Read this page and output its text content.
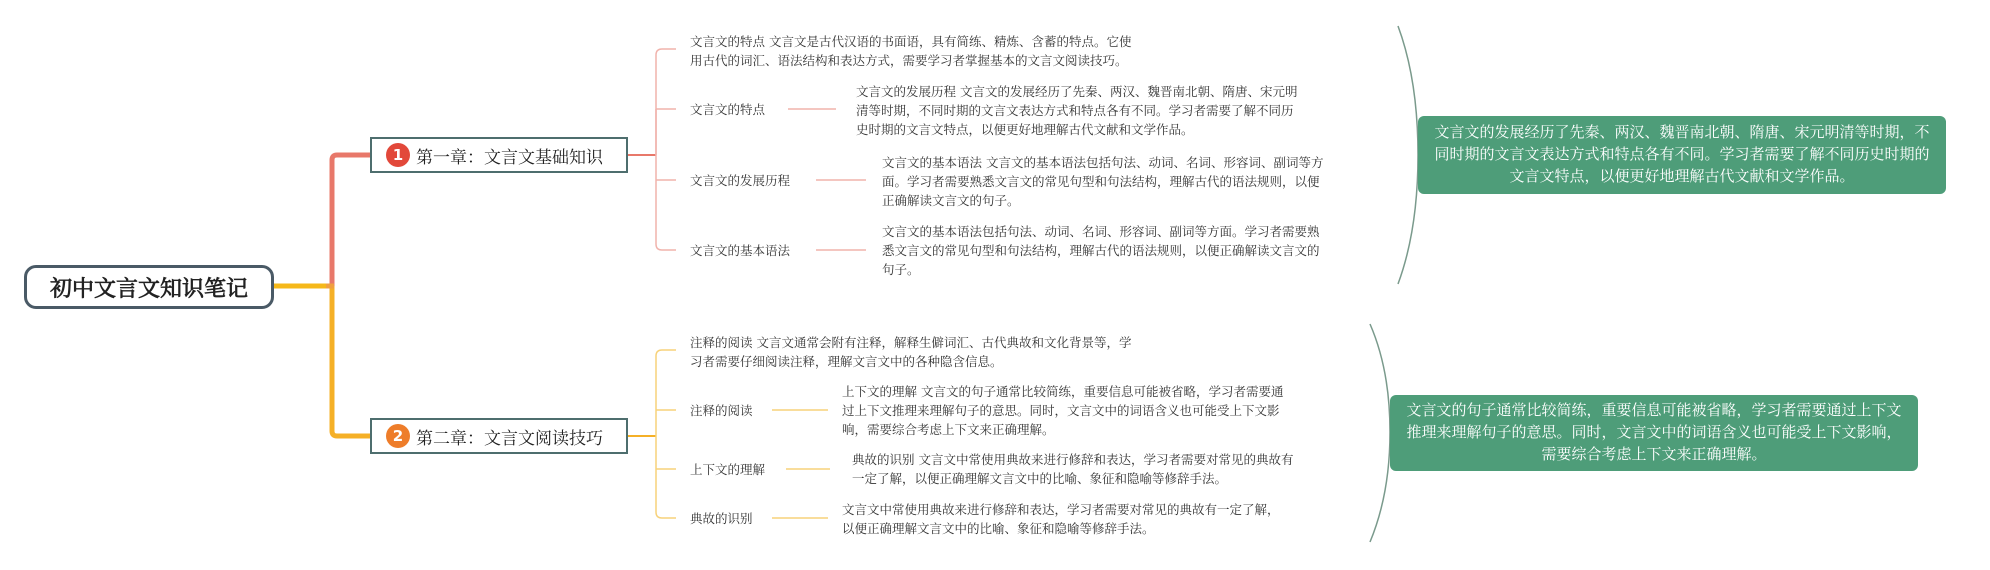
初中文言文知识笔记
1 第一章：文言文基础知识
文言文的特点 文言文是古代汉语的书面语，具有简练、精炼、含蓄的特点。它使
用古代的词汇、语法结构和表达方式，需要学习者掌握基本的文言文阅读技巧。
文言文的特点
文言文的发展历程 文言文的发展经历了先秦、两汉、魏晋南北朝、隋唐、宋元明
清等时期，不同时期的文言文表达方式和特点各有不同。学习者需要了解不同历
史时期的文言文特点，以便更好地理解古代文献和文学作品。
文言文的发展历程
文言文的基本语法 文言文的基本语法包括句法、动词、名词、形容词、副词等方
面。学习者需要熟悉文言文的常见句型和句法结构，理解古代的语法规则，以便
正确解读文言文的句子。
文言文的基本语法
文言文的基本语法包括句法、动词、名词、形容词、副词等方面。学习者需要熟
悉文言文的常见句型和句法结构，理解古代的语法规则，以便正确解读文言文的
句子。
文言文的发展经历了先秦、两汉、魏晋南北朝、隋唐、宋元明清等时期，不同时期的文言文表达方式和特点各有不同。学习者需要了解不同历史时期的文言文特点，以便更好地理解古代文献和文学作品。
2 第二章：文言文阅读技巧
注释的阅读 文言文通常会附有注释，解释生僻词汇、古代典故和文化背景等，学
习者需要仔细阅读注释，理解文言文中的各种隐含信息。
注释的阅读
上下文的理解 文言文的句子通常比较简练，重要信息可能被省略，学习者需要通
过上下文推理来理解句子的意思。同时，文言文中的词语含义也可能受上下文影
响，需要综合考虑上下文来正确理解。
上下文的理解
典故的识别 文言文中常使用典故来进行修辞和表达，学习者需要对常见的典故有
一定了解，以便正确理解文言文中的比喻、象征和隐喻等修辞手法。
典故的识别
文言文中常使用典故来进行修辞和表达，学习者需要对常见的典故有一定了解，
以便正确理解文言文中的比喻、象征和隐喻等修辞手法。
文言文的句子通常比较简练，重要信息可能被省略，学习者需要通过上下文推理来理解句子的意思。同时，文言文中的词语含义也可能受上下文影响，需要综合考虑上下文来正确理解。
